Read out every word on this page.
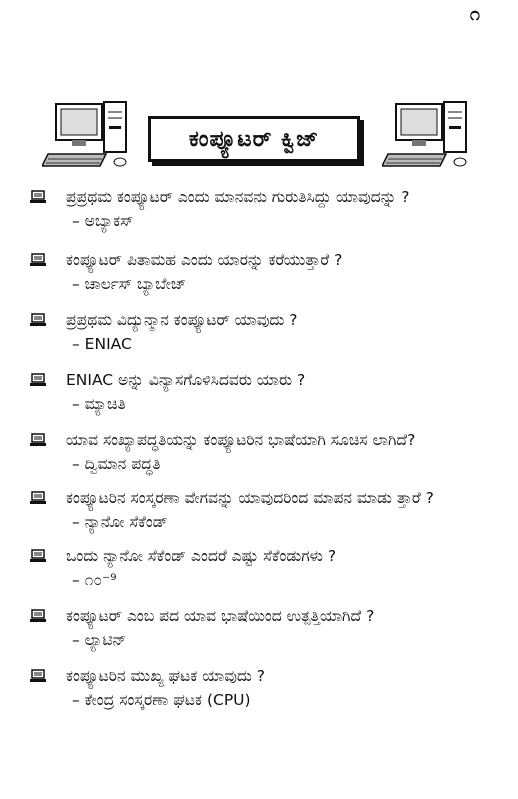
೧
ಕಂಪ್ಯೂಟರ್ ಕ್ವಿಜ್
ಪ್ರಪ್ರಥಮ ಕಂಪ್ಯೂಟರ್ ಎಂದು ಮಾನವನು ಗುರುತಿಸಿದ್ದು ಯಾವುದನ್ನು ?
– ಅಬ್ಯಾಕಸ್
ಕಂಪ್ಯೂಟರ್ ಪಿತಾಮಹ ಎಂದು ಯಾರನ್ನು ಕರೆಯುತ್ತಾರೆ ?
– ಚಾರ್ಲಸ್ ಬ್ಯಾಬೇಜ್
ಪ್ರಪ್ರಥಮ ವಿದ್ಯುನ್ಮಾನ ಕಂಪ್ಯೂಟರ್ ಯಾವುದು ?
– ENIAC
ENIAC ಅನ್ನು ವಿನ್ಯಾಸಗೊಳಿಸಿದವರು ಯಾರು ?
– ಮ್ಯಾಚಿತಿ
ಯಾವ ಸಂಖ್ಯಾಪದ್ಧತಿಯನ್ನು ಕಂಪ್ಯೂಟರಿನ ಭಾಷೆಯಾಗಿ ಸೂಚಿಸ ಲಾಗಿದೆ?
– ದ್ವಿಮಾನ ಪದ್ಧತಿ
ಕಂಪ್ಯೂಟರಿನ ಸಂಸ್ಕರಣಾ ವೇಗವನ್ನು ಯಾವುದರಿಂದ ಮಾಪನ ಮಾಡು ತ್ತಾರೆ ?
– ನ್ಯಾನೋ ಸೆಕೆಂಡ್
ಒಂದು ನ್ಯಾನೋ ಸೆಕೆಂಡ್ ಎಂದರೆ ಎಷ್ಟು ಸೆಕೆಂಡುಗಳು ?
– ೧೦⁻⁹
ಕಂಪ್ಯೂಟರ್ ಎಂಬ ಪದ ಯಾವ ಭಾಷೆಯಿಂದ ಉತ್ಪತ್ತಿಯಾಗಿದೆ ?
– ಲ್ಯಾಟಿನ್
ಕಂಪ್ಯೂಟರಿನ ಮುಖ್ಯ ಘಟಕ ಯಾವುದು ?
– ಕೇಂದ್ರ ಸಂಸ್ಕರಣಾ ಘಟಕ (CPU)
